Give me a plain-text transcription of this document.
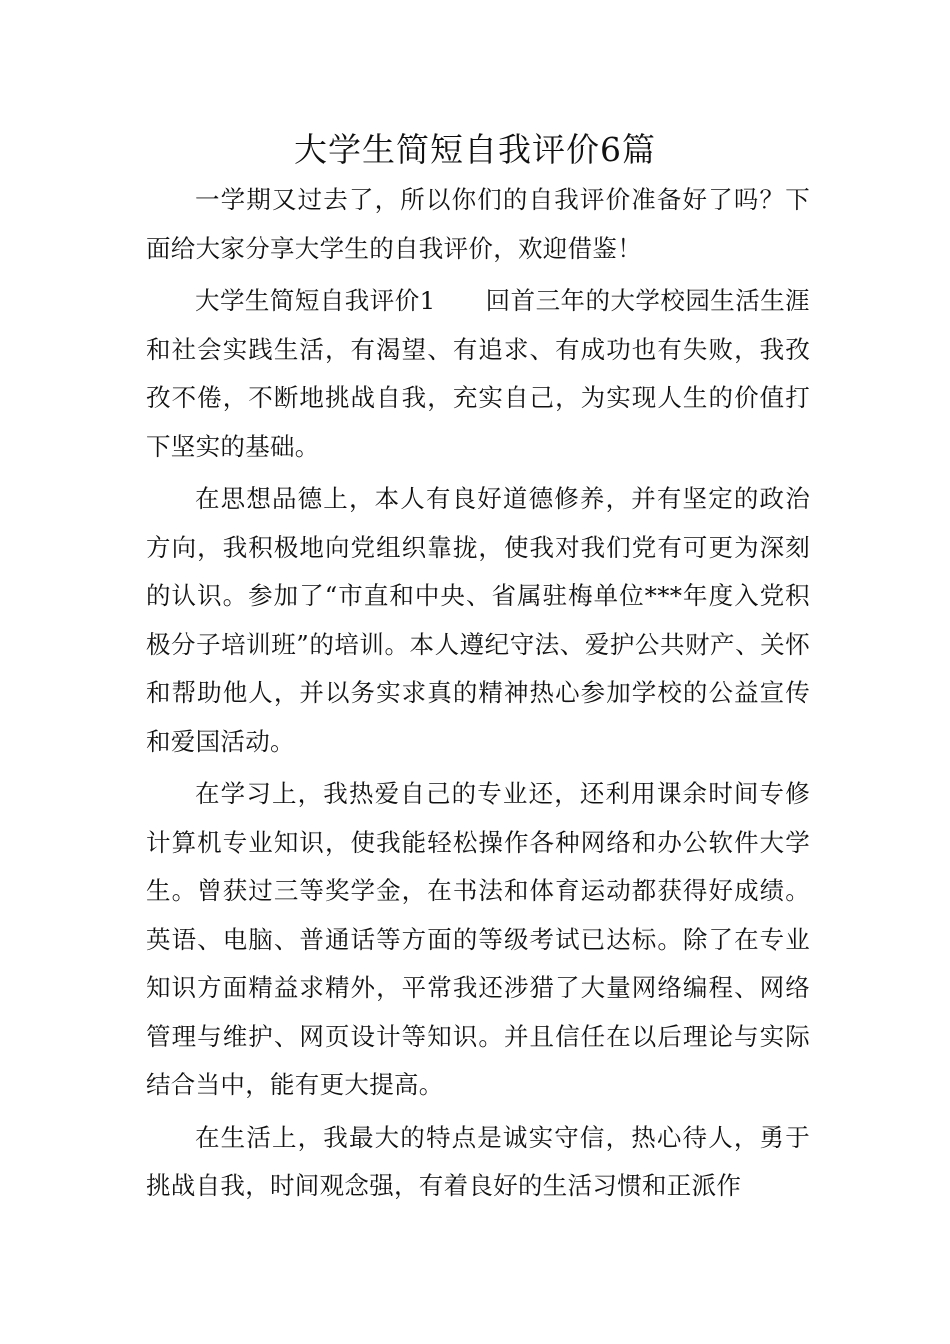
大学生简短自我评价6篇

一学期又过去了，所以你们的自我评价准备好了吗？下面给大家分享大学生的自我评价，欢迎借鉴！

大学生简短自我评价1　　 回首三年的大学校园生活生涯和社会实践生活，有渴望、有追求、有成功也有失败，我孜孜不倦，不断地挑战自我，充实自己，为实现人生的价值打下坚实的基础。

在思想品德上，本人有良好道德修养，并有坚定的政治方向，我积极地向党组织靠拢，使我对我们党有可更为深刻的认识。参加了“市直和中央、省属驻梅单位***年度入党积极分子培训班”的培训。本人遵纪守法、爱护公共财产、关怀和帮助他人，并以务实求真的精神热心参加学校的公益宣传和爱国活动。

在学习上，我热爱自己的专业还，还利用课余时间专修计算机专业知识，使我能轻松操作各种网络和办公软件大学生。曾获过三等奖学金，在书法和体育运动都获得好成绩。英语、电脑、普通话等方面的等级考试已达标。除了在专业知识方面精益求精外，平常我还涉猎了大量网络编程、网络管理与维护、网页设计等知识。并且信任在以后理论与实际结合当中，能有更大提高。

在生活上，我最大的特点是诚实守信，热心待人，勇于挑战自我，时间观念强，有着良好的生活习惯和正派作
